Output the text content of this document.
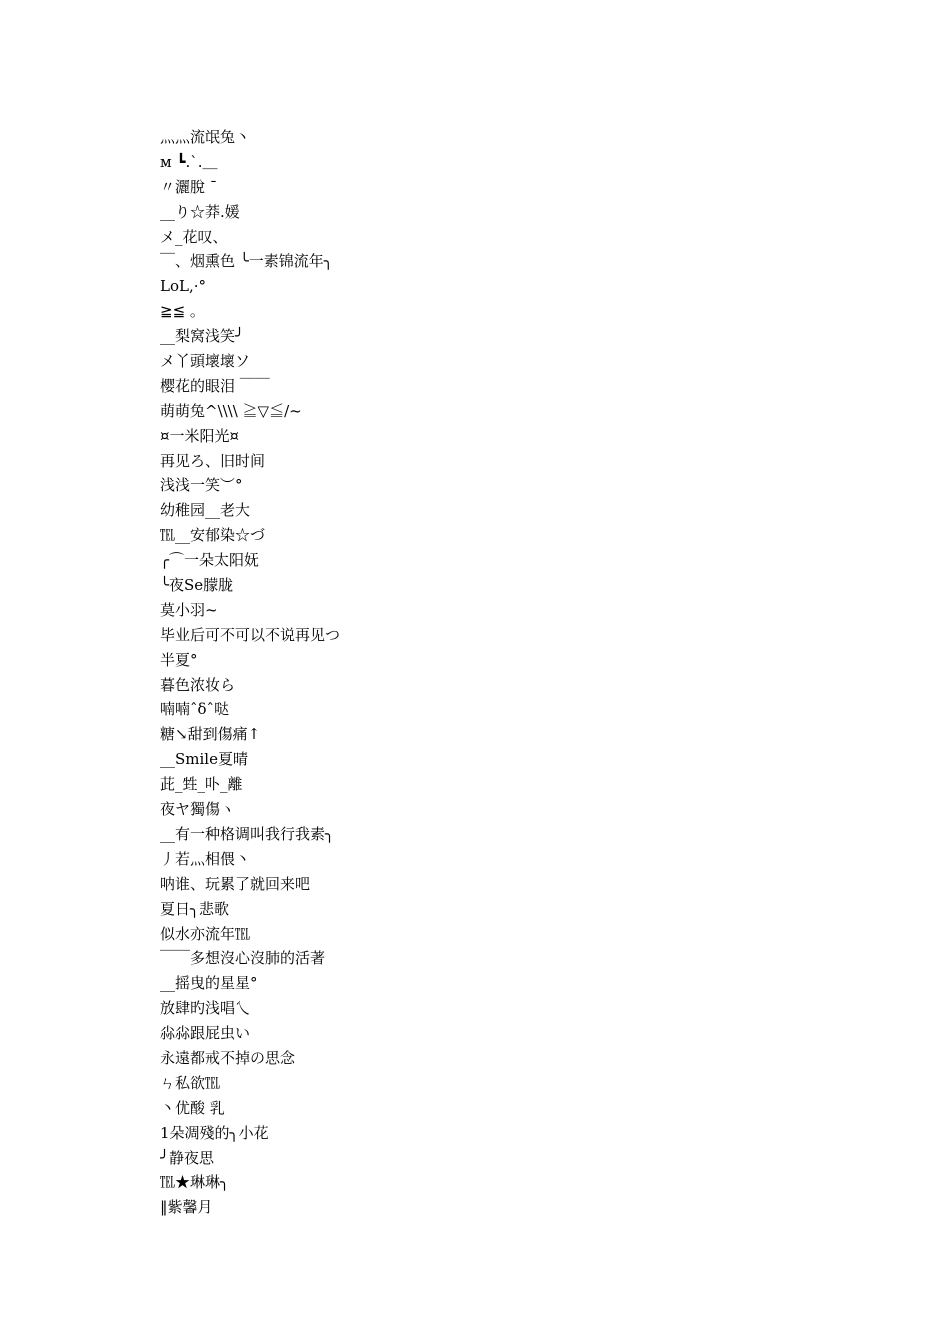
灬灬流氓兔丶
ᴍ ┗.`.＿
〃灑脫 ¯
__り☆莽.媛
メ_花叹、
￣、烟熏色 ╰一素锦流年╮
LoL,·°
≧≦ 。
__梨窝浅笑╯
メ丫頭壞壞ソ
樱花的眼泪 ￣￣
萌萌兔^\\\\ ≧▽≦/~
¤一米阳光¤
再见ろ、旧时间
浅浅一笑︶°
幼稚园__老大
℡__安郁染☆づ
╭⌒一朵太阳妩
╰夜Se朦胧
莫小羽~
毕业后可不可以不说再见つ
半夏°
暮色浓妆ら
喃喃ˆδˆ哒
糖↘甜到傷痛↑
__Smile夏晴
茈_甡_卟_離
夜ヤ獨傷ヽ
__有一种格调叫我行我素╮
丿若灬相偎丶
呐谁、玩累了就回来吧
夏日╮悲歌
似水亦流年℡
￣￣多想沒心沒肺的活著
__摇曳的星星°
放肆旳浅唱乀
尛尛跟屁虫い
永遠都戒不掉の思念
ㄣ私欲℡
丶优酸 乳
1朵凋殘的╮小花
╯静夜思
℡★琳琳╮
‖紫馨月
